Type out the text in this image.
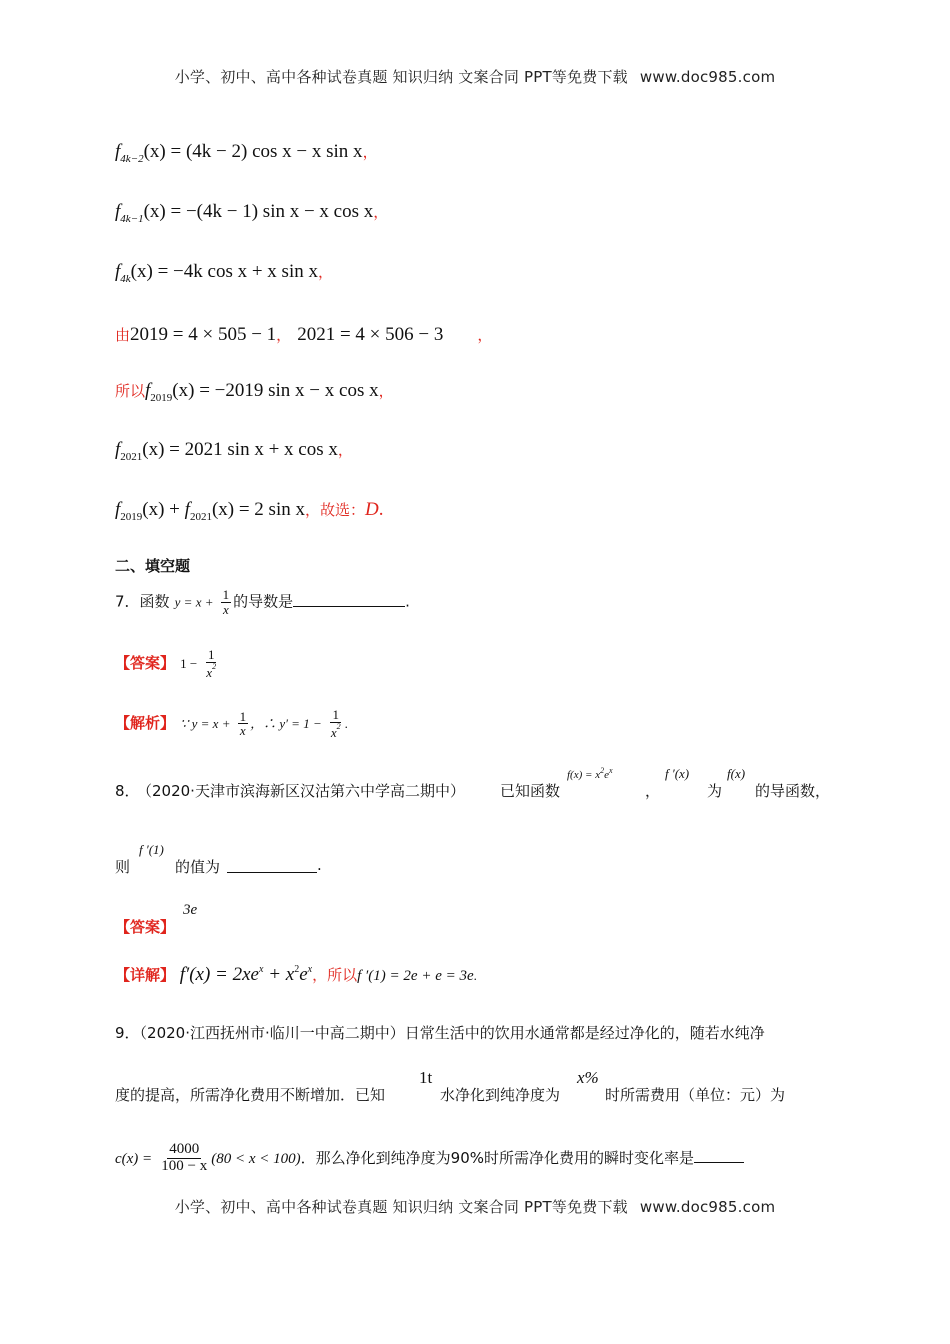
小学、初中、高中各种试卷真题 知识归纳 文案合同 PPT等免费下载 www.doc985.com
$f_{4k-2}(x) = (4k - 2)$ cos x − x sin x，
$f_{4k-1}(x) = -(4k - 1)$ sin x − x cos x，
$f_{4k}(x) = -4k$ cos x + x sin x，
由2019 = 4 × 505 − 1， 2021 = 4 × 506 − 3 ，
所以$f_{2019}(x) = -2019$ sin x − x cos x，
$f_{2021}(x) = 2021$ sin x + x cos x，
$f_{2019}(x) + f_{2021}(x) = 2$ sin x，故选：D.
二、填空题
7．函数 $y = x + \frac{1}{x}$ 的导数是	.
【答案】 $1 - \frac{1}{x^2}$
【解析】 ∵ $y = x + \frac{1}{x}$ ，∴ $y' = 1 - \frac{1}{x^2}$ .
8．
（2020·天津市滨海新区汉沽第六中学高二期中） 已知函数
$f(x) = x^2e^x$
，
f ′(x)
为
f(x)
的导函数，
则
f ′(1)
的值为	.
【答案】
3e
【详解】 $f'(x) = 2xe^x + x^2e^x$，所以f ′(1) = 2e + e = 3e.
9．（2020·江西抚州市·临川一中高二期中）日常生活中的饮用水通常都是经过净化的，随若水纯净
度的提高，所需净化费用不断增加．已知
1t
水净化到纯净度为
x%
时所需费用（单位：元）为
$c(x) = \frac{4000}{100 - x} (80 < x < 100)$．那么净化到纯净度为90%时所需净化费用的瞬时变化率是
小学、初中、高中各种试卷真题 知识归纳 文案合同 PPT等免费下载 www.doc985.com
